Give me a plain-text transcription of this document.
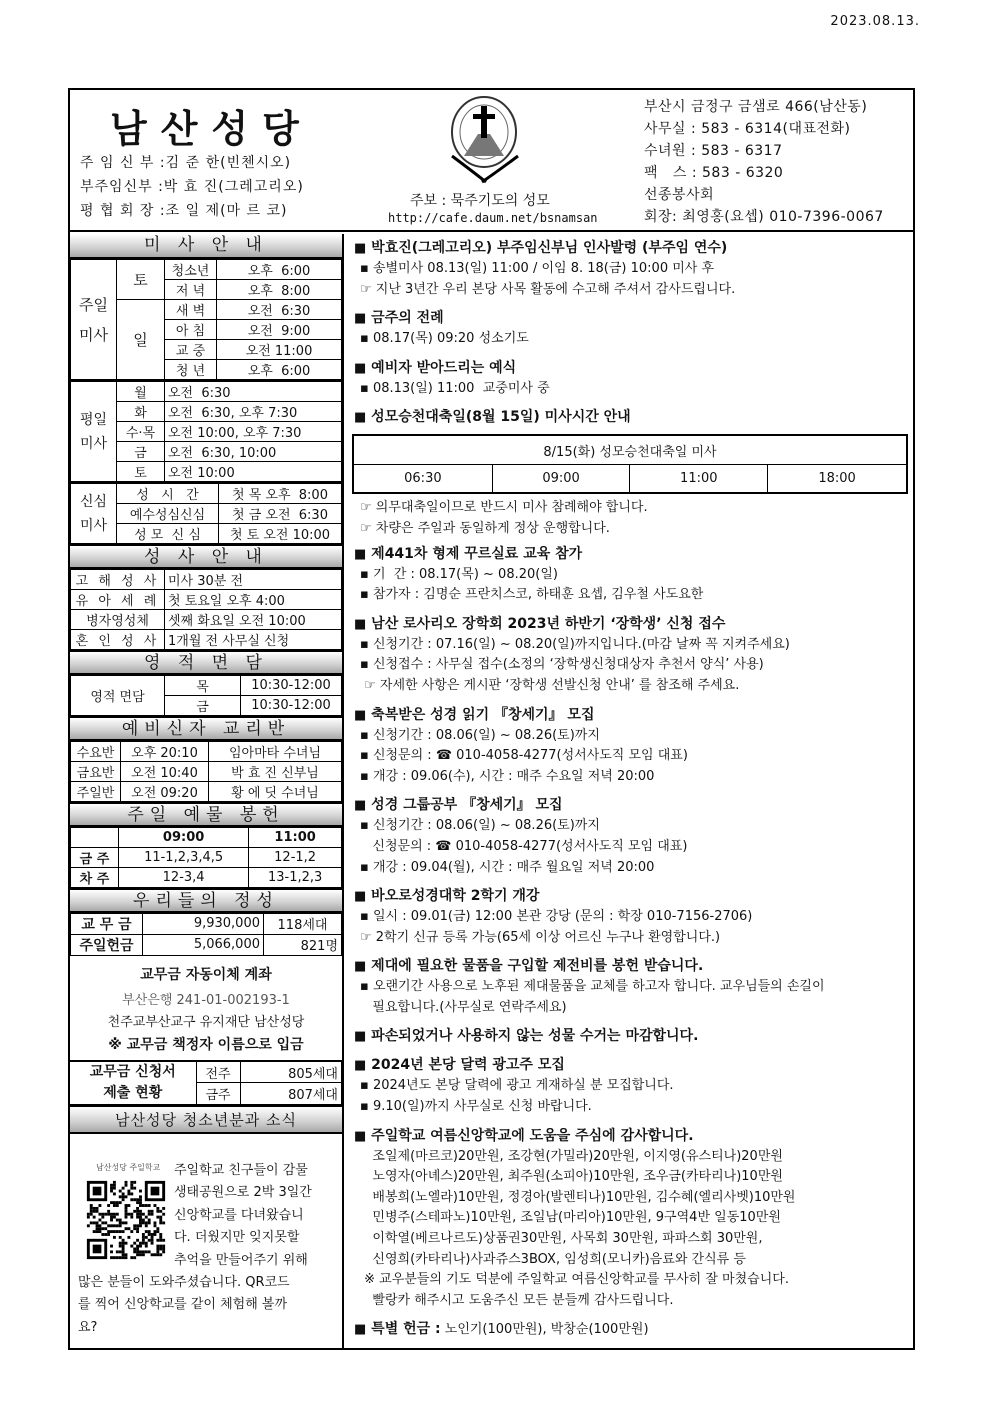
2023.08.13.
남산성당
주 임 신 부 :김 준 한(빈첸시오)
부주임신부 :박 효 진(그레고리오)
평 협 회 장 :조 일 제(마 르 코)
주보 : 묵주기도의 성모
http://cafe.daum.net/bsnamsan
부산시 금정구 금샘로 466(남산동)
사무실 : 583 - 6314(대표전화)
수녀원 : 583 - 6317
팩   스 : 583 - 6320
선종봉사회
회장: 최영홍(요셉) 010-7396-0067
미 사 안 내
주일미사	토	청소년	오후  6:00
		저 녁	오후  8:00
	일	새 벽	오전  6:30
		아 침	오전  9:00
		교 중	오전 11:00
		청 년	오후  6:00
평일미사	월	오전  6:30
	화	오전  6:30, 오후 7:30
	수·목	오전 10:00, 오후 7:30
	금	오전  6:30, 10:00
	토	오전 10:00
신심미사	성   시   간	첫 목 오후  8:00
	예수성심신심	첫 금 오전  6:30
	성 모  신 심	첫 토 오전 10:00
성 사 안 내
고 해 성 사	미사 30분 전
유 아 세 례	첫 토요일 오후 4:00
병자영성체	셋째 화요일 오전 10:00
혼 인 성 사	1개월 전 사무실 신청
영 적 면 담
영적 면담	목	10:30-12:00
	금	10:30-12:00
예비신자 교리반
수요반	오후 20:10	임아마타 수녀님
금요반	오전 10:40	박 효 진 신부님
주일반	오전 09:20	황 에 딧 수녀님
주일 예물 봉헌
	09:00	11:00
금 주	11-1,2,3,4,5	12-1,2
차 주	12-3,4	13-1,2,3
우리들의 정성
교 무 금	9,930,000	118세대
주일헌금	5,066,000	821명
교무금 자동이체 계좌
부산은행 241-01-002193-1
천주교부산교구 유지재단 남산성당
※ 교무금 책정자 이름으로 입금
교무금 신청서
제출 현황	전주	805세대
	금주	807세대
남산성당 청소년분과 소식
남산성당 주일학교 주일학교 친구들이 감물
생태공원으로 2박 3일간
신앙학교를 다녀왔습니
다. 더웠지만 잊지못할
추억을 만들어주기 위해
많은 분들이 도와주셨습니다. QR코드
를 찍어 신앙학교를 같이 체험해 볼까
요?
■ 박효진(그레고리오) 부주임신부님 인사발령 (부주임 연수)
▪ 송별미사 08.13(일) 11:00 / 이임 8. 18(금) 10:00 미사 후
☞ 지난 3년간 우리 본당 사목 활동에 수고해 주셔서 감사드립니다.
■ 금주의 전례
▪ 08.17(목) 09:20 성소기도
■ 예비자 받아드리는 예식
▪ 08.13(일) 11:00  교중미사 중
■ 성모승천대축일(8월 15일) 미사시간 안내
8/15(화) 성모승천대축일 미사
06:30	09:00	11:00	18:00
☞ 의무대축일이므로 반드시 미사 참례해야 합니다.
☞ 차량은 주일과 동일하게 정상 운행합니다.
■ 제441차 형제 꾸르실료 교육 참가
▪ 기  간 : 08.17(목) ~ 08.20(일)
▪ 참가자 : 김명순 프란치스코, 하태훈 요셉, 김우철 사도요한
■ 남산 로사리오 장학회 2023년 하반기 ‘장학생’ 신청 접수
▪ 신청기간 : 07.16(일) ~ 08.20(일)까지입니다.(마감 날짜 꼭 지켜주세요)
▪ 신청접수 : 사무실 접수(소정의 ‘장학생신청대상자 추천서 양식’ 사용)
☞ 자세한 사항은 게시판 ‘장학생 선발신청 안내’ 를 참조해 주세요.
■ 축복받은 성경 읽기 『창세기』 모집
▪ 신청기간 : 08.06(일) ~ 08.26(토)까지
▪ 신청문의 : ☎ 010-4058-4277(성서사도직 모임 대표)
▪ 개강 : 09.06(수), 시간 : 매주 수요일 저녁 20:00
■ 성경 그룹공부 『창세기』 모집
▪ 신청기간 : 08.06(일) ~ 08.26(토)까지
신청문의 : ☎ 010-4058-4277(성서사도직 모임 대표)
▪ 개강 : 09.04(월), 시간 : 매주 월요일 저녁 20:00
■ 바오로성경대학 2학기 개강
▪ 일시 : 09.01(금) 12:00 본관 강당 (문의 : 학장 010-7156-2706)
☞ 2학기 신규 등록 가능(65세 이상 어르신 누구나 환영합니다.)
■ 제대에 필요한 물품을 구입할 제전비를 봉헌 받습니다.
▪ 오랜기간 사용으로 노후된 제대물품을 교체를 하고자 합니다. 교우님들의 손길이
필요합니다.(사무실로 연락주세요)
■ 파손되었거나 사용하지 않는 성물 수거는 마감합니다.
■ 2024년 본당 달력 광고주 모집
▪ 2024년도 본당 달력에 광고 게재하실 분 모집합니다.
▪ 9.10(일)까지 사무실로 신청 바랍니다.
■ 주일학교 여름신앙학교에 도움을 주심에 감사합니다.
조일제(마르코)20만원, 조강현(가밀라)20만원, 이지영(유스티나)20만원
노영자(아녜스)20만원, 최주원(소피아)10만원, 조우금(카타리나)10만원
배봉희(노엘라)10만원, 정경아(발렌티나)10만원, 김수혜(엘리사벳)10만원
민병주(스테파노)10만원, 조일남(마리아)10만원, 9구역4반 일동10만원
이학열(베르나르도)상품권30만원, 사목회 30만원, 파파스회 30만원,
신영희(카타리나)사과쥬스3BOX, 임성희(모니카)음료와 간식류 등
※ 교우분들의 기도 덕분에 주일학교 여름신앙학교를 무사히 잘 마쳤습니다.
빨랑카 해주시고 도움주신 모든 분들께 감사드립니다.
■ 특별 헌금 : 노인기(100만원), 박창순(100만원)
